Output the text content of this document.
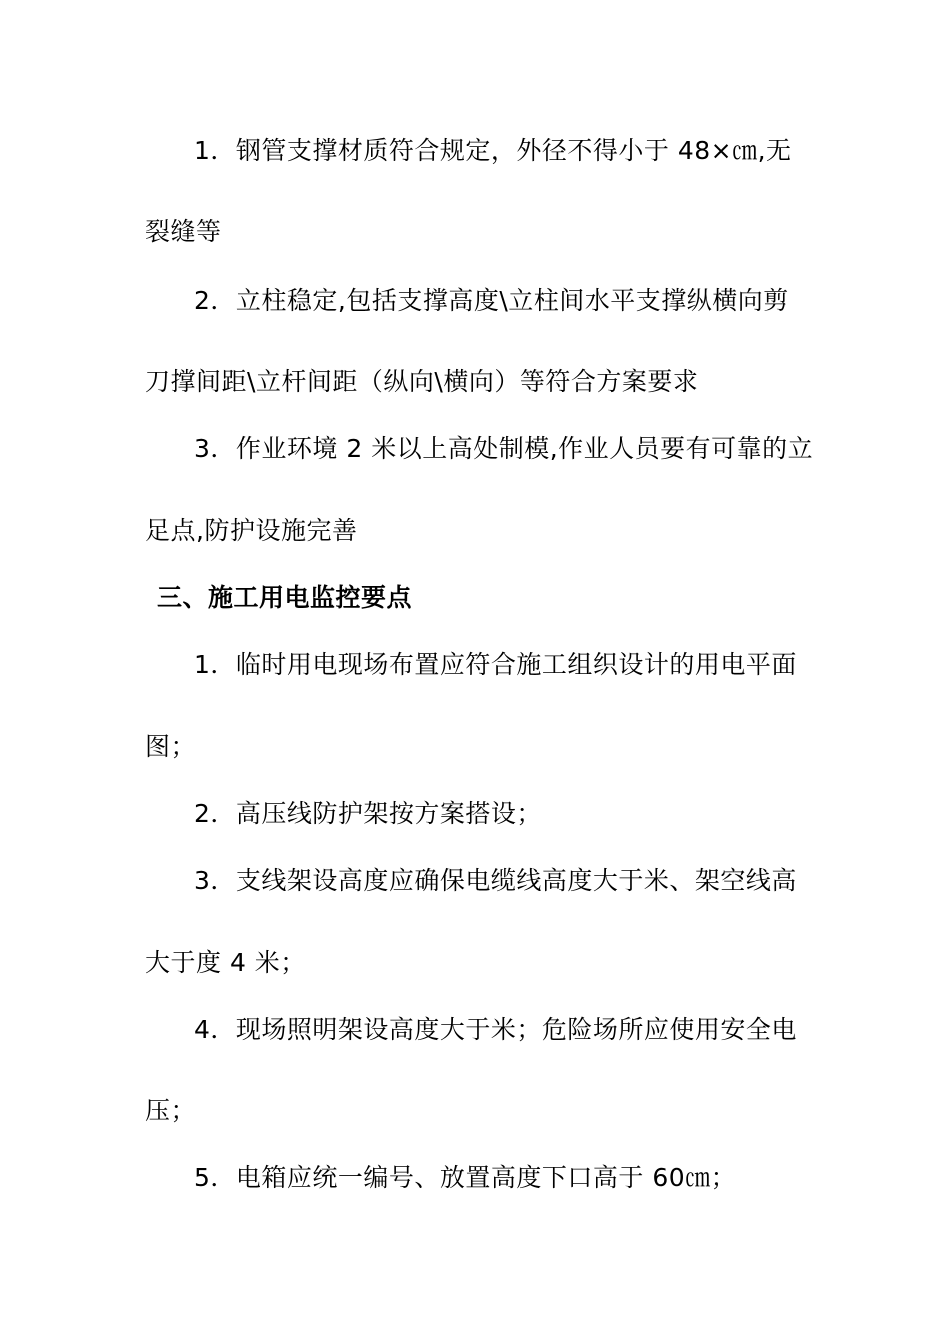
1．钢管支撑材质符合规定，外径不得小于 48×㎝,无
裂缝等
2．立柱稳定,包括支撑高度\立柱间水平支撑纵横向剪
刀撑间距\立杆间距（纵向\横向）等符合方案要求
3．作业环境 2 米以上高处制模,作业人员要有可靠的立
足点,防护设施完善
三、施工用电监控要点
1．临时用电现场布置应符合施工组织设计的用电平面
图；
2．高压线防护架按方案搭设；
3．支线架设高度应确保电缆线高度大于米、架空线高
大于度 4 米；
4．现场照明架设高度大于米；危险场所应使用安全电
压；
5．电箱应统一编号、放置高度下口高于 60㎝；
